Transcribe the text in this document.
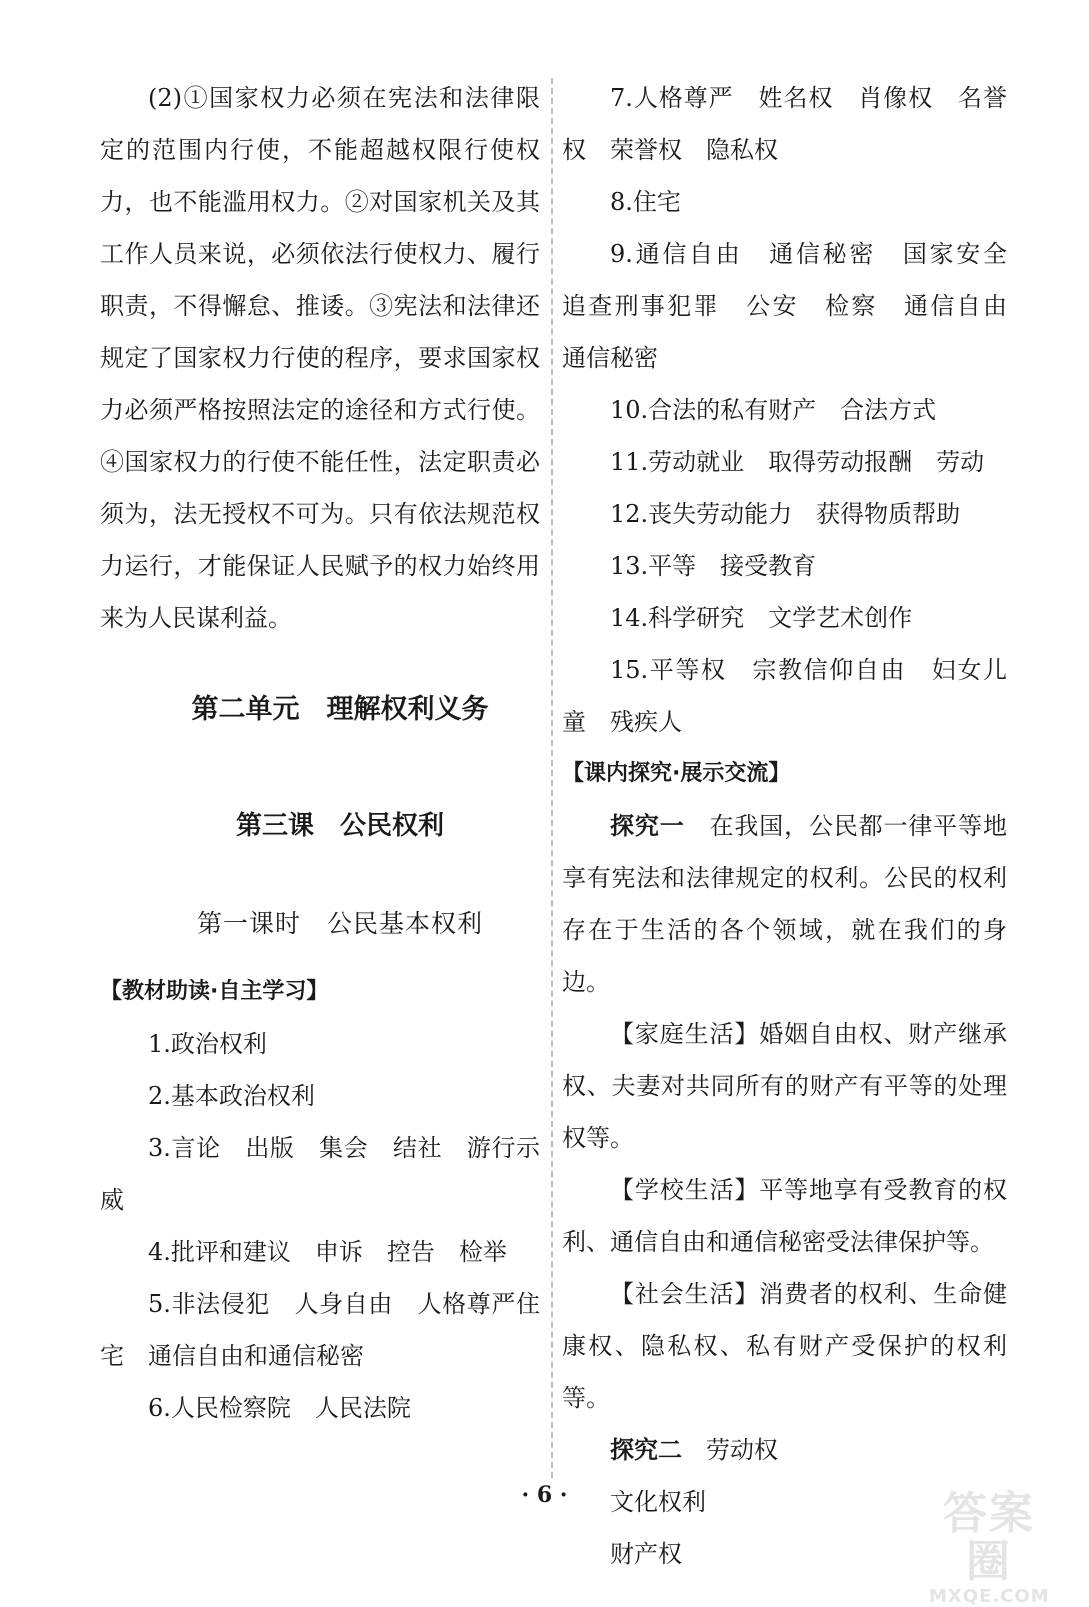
(2)①国家权力必须在宪法和法律限定的范围内行使，不能超越权限行使权力，也不能滥用权力。②对国家机关及其工作人员来说，必须依法行使权力、履行职责，不得懈怠、推诿。③宪法和法律还规定了国家权力行使的程序，要求国家权力必须严格按照法定的途径和方式行使。④国家权力的行使不能任性，法定职责必须为，法无授权不可为。只有依法规范权力运行，才能保证人民赋予的权力始终用来为人民谋利益。

第二单元　理解权利义务
第三课　公民权利
第一课时　公民基本权利
【教材助读·自主学习】

1.政治权利

2.基本政治权利

3.言论　出版　集会　结社　游行示威

4.批评和建议　申诉　控告　检举

5.非法侵犯　人身自由　人格尊严住宅　通信自由和通信秘密

6.人民检察院　人民法院

7.人格尊严　姓名权　肖像权　名誉权　荣誉权　隐私权

8.住宅

9.通信自由　通信秘密　国家安全　追查刑事犯罪　公安　检察　通信自由　通信秘密

10.合法的私有财产　合法方式

11.劳动就业　取得劳动报酬　劳动

12.丧失劳动能力　获得物质帮助

13.平等　接受教育

14.科学研究　文学艺术创作

15.平等权　宗教信仰自由　妇女儿童　残疾人

【课内探究·展示交流】

探究一　 在我国，公民都一律平等地享有宪法和法律规定的权利。公民的权利存在于生活的各个领域，就在我们的身边。

【家庭生活】婚姻自由权、财产继承权、夫妻对共同所有的财产有平等的处理权等。

【学校生活】平等地享有受教育的权利、通信自由和通信秘密受法律保护等。

【社会生活】消费者的权利、生命健康权、隐私权、私有财产受保护的权利等。

探究二　 劳动权

文化权利

财产权

· 6 ·	答案圈
MXQE.COM
